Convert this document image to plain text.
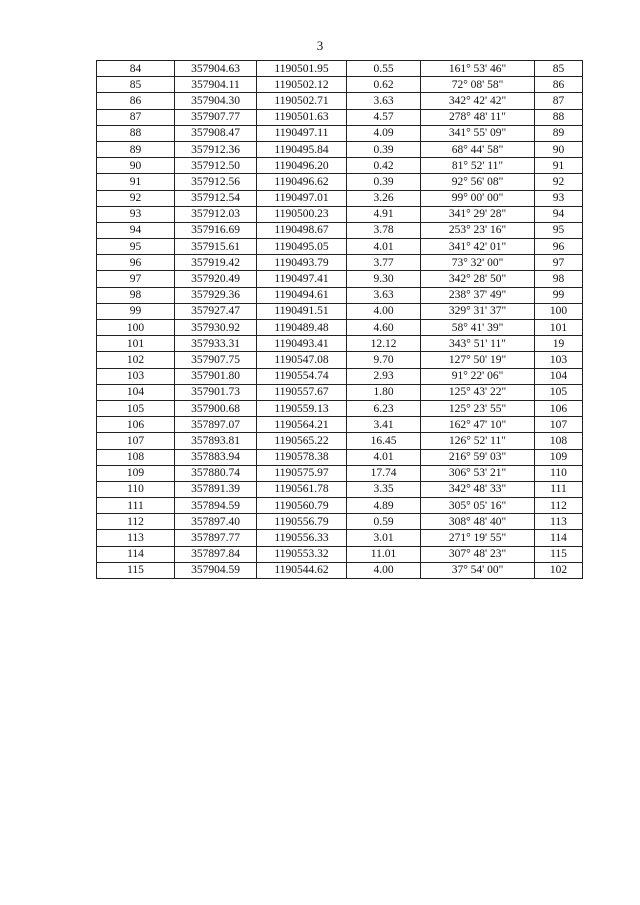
3
84	357904.63	1190501.95	0.55	161° 53' 46"	85
85	357904.11	1190502.12	0.62	72° 08' 58"	86
86	357904.30	1190502.71	3.63	342° 42' 42"	87
87	357907.77	1190501.63	4.57	278° 48' 11"	88
88	357908.47	1190497.11	4.09	341° 55' 09"	89
89	357912.36	1190495.84	0.39	68° 44' 58"	90
90	357912.50	1190496.20	0.42	81° 52' 11"	91
91	357912.56	1190496.62	0.39	92° 56' 08"	92
92	357912.54	1190497.01	3.26	99° 00' 00"	93
93	357912.03	1190500.23	4.91	341° 29' 28"	94
94	357916.69	1190498.67	3.78	253° 23' 16"	95
95	357915.61	1190495.05	4.01	341° 42' 01"	96
96	357919.42	1190493.79	3.77	73° 32' 00"	97
97	357920.49	1190497.41	9.30	342° 28' 50"	98
98	357929.36	1190494.61	3.63	238° 37' 49"	99
99	357927.47	1190491.51	4.00	329° 31' 37"	100
100	357930.92	1190489.48	4.60	58° 41' 39"	101
101	357933.31	1190493.41	12.12	343° 51' 11"	19
102	357907.75	1190547.08	9.70	127° 50' 19"	103
103	357901.80	1190554.74	2.93	91° 22' 06"	104
104	357901.73	1190557.67	1.80	125° 43' 22"	105
105	357900.68	1190559.13	6.23	125° 23' 55"	106
106	357897.07	1190564.21	3.41	162° 47' 10"	107
107	357893.81	1190565.22	16.45	126° 52' 11"	108
108	357883.94	1190578.38	4.01	216° 59' 03"	109
109	357880.74	1190575.97	17.74	306° 53' 21"	110
110	357891.39	1190561.78	3.35	342° 48' 33"	111
111	357894.59	1190560.79	4.89	305° 05' 16"	112
112	357897.40	1190556.79	0.59	308° 48' 40"	113
113	357897.77	1190556.33	3.01	271° 19' 55"	114
114	357897.84	1190553.32	11.01	307° 48' 23"	115
115	357904.59	1190544.62	4.00	37° 54' 00"	102
